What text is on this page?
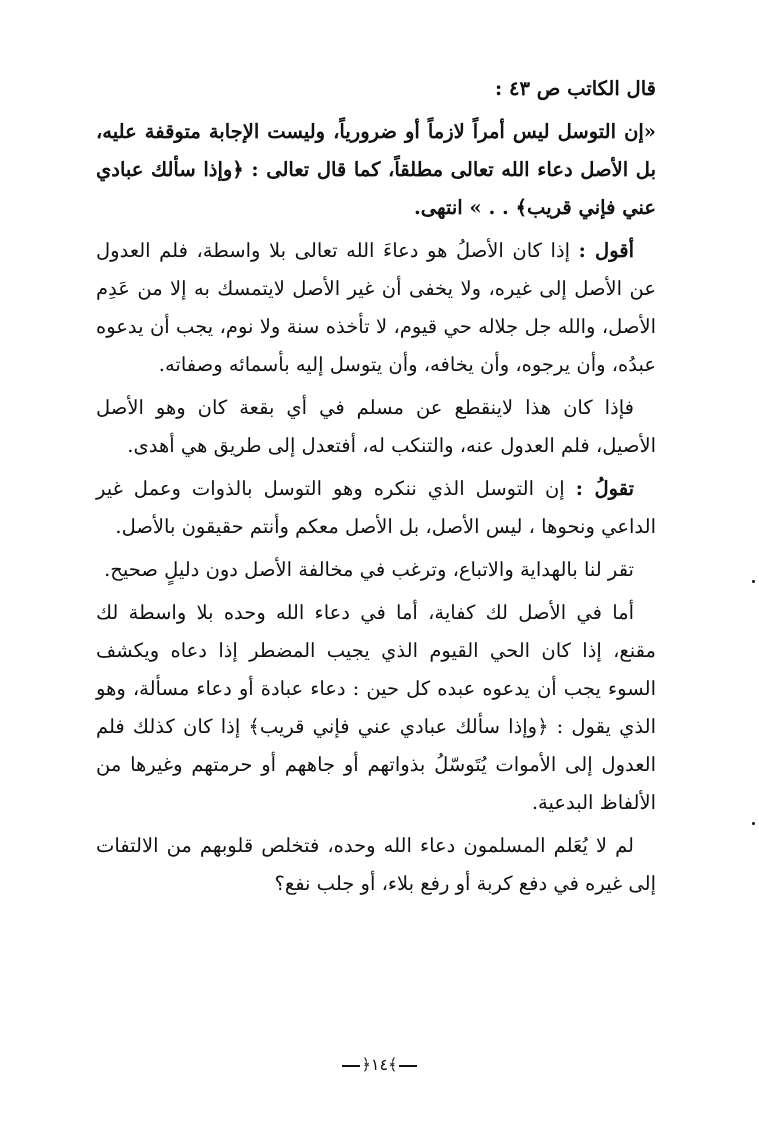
قال الكاتب ص ٤٣ :

«إن التوسل ليس أمراً لازماً أو ضرورياً، وليست الإجابة متوقفة عليه، بل الأصل دعاء الله تعالى مطلقاً، كما قال تعالى : ﴿وإذا سألك عبادي عني فإني قريب﴾ . . » انتهى.

أقول : إذا كان الأصلُ هو دعاءَ الله تعالى بلا واسطة، فلم العدول عن الأصل إلى غيره، ولا يخفى أن غير الأصل لايتمسك به إلا من عَدِم الأصل، والله جل جلاله حي قيوم، لا تأخذه سنة ولا نوم، يجب أن يدعوه عبدُه، وأن يرجوه، وأن يخافه، وأن يتوسل إليه بأسمائه وصفاته.

فإذا كان هذا لاينقطع عن مسلم في أي بقعة كان وهو الأصل الأصيل، فلم العدول عنه، والتنكب له، أفتعدل إلى طريق هي أهدى.

تقولُ : إن التوسل الذي ننكره وهو التوسل بالذوات وعمل غير الداعي ونحوها ، ليس الأصل، بل الأصل معكم وأنتم حقيقون بالأصل.

تقر لنا بالهداية والاتباع، وترغب في مخالفة الأصل دون دليلٍ صحيح.

أما في الأصل لك كفاية، أما في دعاء الله وحده بلا واسطة لك مقنع، إذا كان الحي القيوم الذي يجيب المضطر إذا دعاه ويكشف السوء يجب أن يدعوه عبده كل حين : دعاء عبادة أو دعاء مسألة، وهو الذي يقول : ﴿وإذا سألك عبادي عني فإني قريب﴾ إذا كان كذلك فلم العدول إلى الأموات يُتَوسّلُ بذواتهم أو جاههم أو حرمتهم وغيرها من الألفاظ البدعية.

لم لا يُعَلم المسلمون دعاء الله وحده، فتخلص قلوبهم من الالتفات إلى غيره في دفع كربة أو رفع بلاء، أو جلب نفع؟

﴾١٤﴿
